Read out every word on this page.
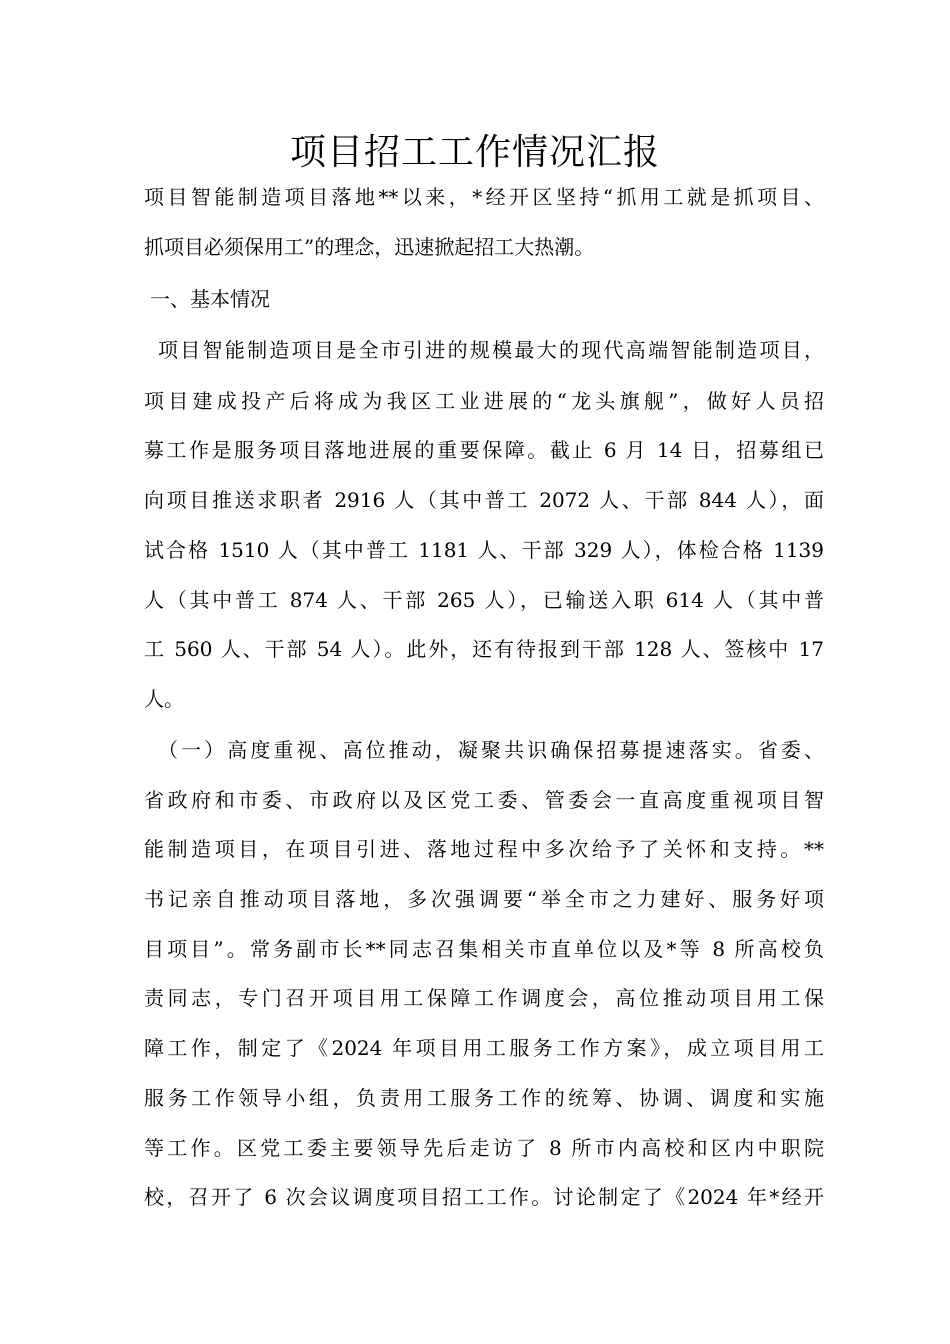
项目招工工作情况汇报
项目智能制造项目落地**以来，*经开区坚持“抓用工就是抓项目、
抓项目必须保用工”的理念，迅速掀起招工大热潮。
一、基本情况
项目智能制造项目是全市引进的规模最大的现代高端智能制造项目，
项目建成投产后将成为我区工业进展的“龙头旗舰”，做好人员招
募工作是服务项目落地进展的重要保障。截止 6 月 14 日，招募组已
向项目推送求职者 2916 人（其中普工 2072 人、干部 844 人），面
试合格 1510 人（其中普工 1181 人、干部 329 人），体检合格 1139
人（其中普工 874 人、干部 265 人），已输送入职 614 人（其中普
工 560 人、干部 54 人）。此外，还有待报到干部 128 人、签核中 17
人。
（一）高度重视、高位推动，凝聚共识确保招募提速落实。省委、
省政府和市委、市政府以及区党工委、管委会一直高度重视项目智
能制造项目，在项目引进、落地过程中多次给予了关怀和支持。**
书记亲自推动项目落地，多次强调要“举全市之力建好、服务好项
目项目”。常务副市长**同志召集相关市直单位以及*等 8 所高校负
责同志，专门召开项目用工保障工作调度会，高位推动项目用工保
障工作，制定了《2024 年项目用工服务工作方案》，成立项目用工
服务工作领导小组，负责用工服务工作的统筹、协调、调度和实施
等工作。区党工委主要领导先后走访了 8 所市内高校和区内中职院
校，召开了 6 次会议调度项目招工工作。讨论制定了《2024 年*经开
